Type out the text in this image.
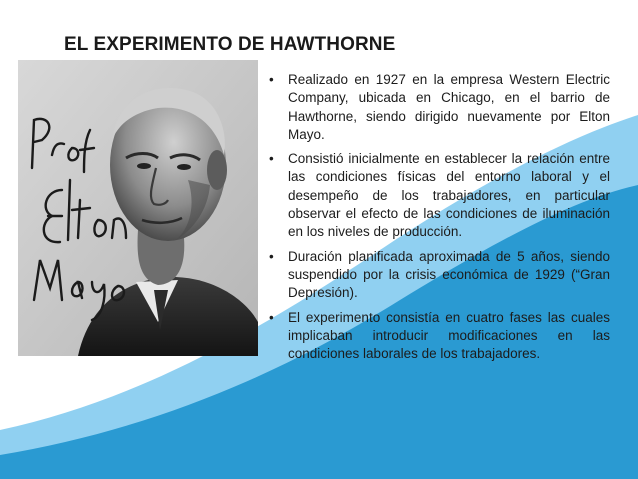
EL EXPERIMENTO DE HAWTHORNE
• Realizado en 1927 en la empresa Western Electric Company, ubicada en Chicago, en el barrio de Hawthorne, siendo dirigido nuevamente por Elton Mayo.
• Consistió inicialmente en establecer la relación entre las condiciones físicas del entorno laboral y el desempeño de los trabajadores, en particular observar el efecto de las condiciones de iluminación en los niveles de producción.
• Duración planificada aproximada de 5 años, siendo suspendido por la crisis económica de 1929 (“Gran Depresión).
• El experimento consistía en cuatro fases las cuales implicaban introducir modificaciones en las condiciones laborales de los trabajadores.
